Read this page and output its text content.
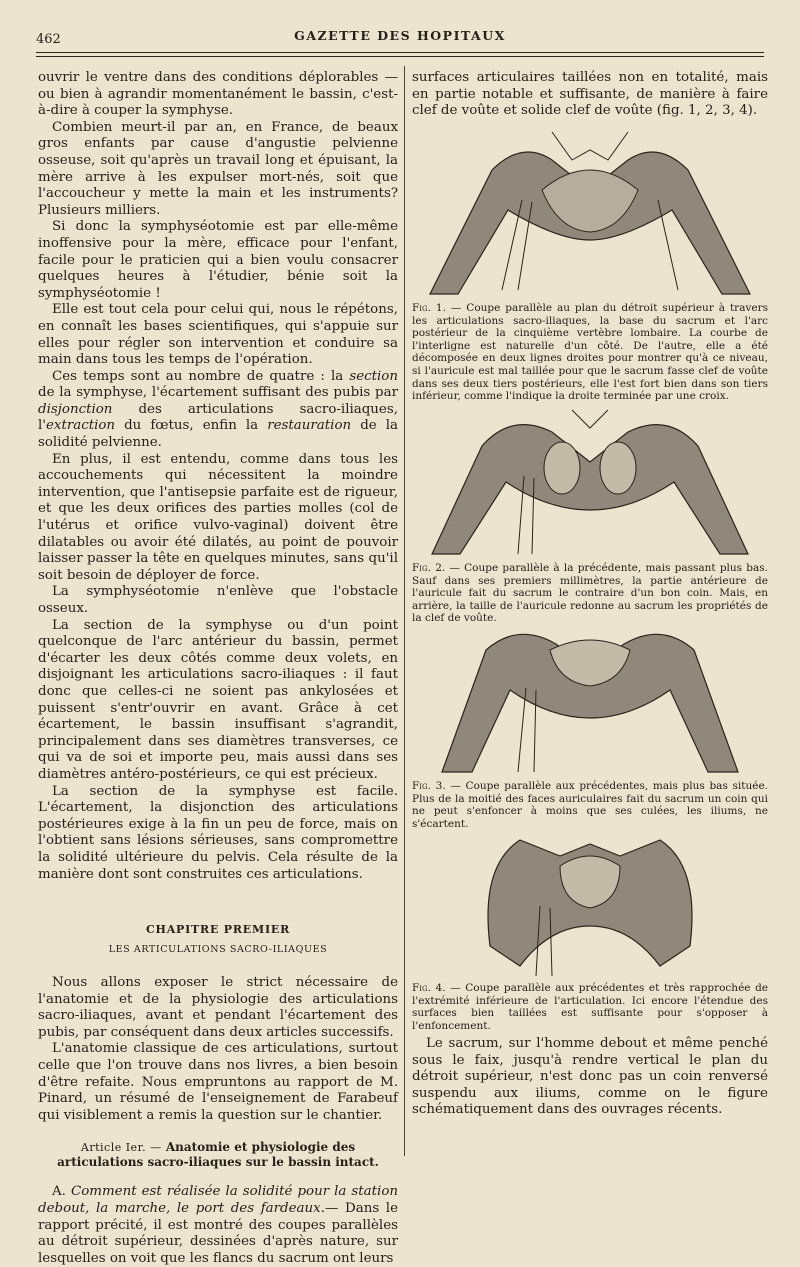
462	GAZETTE DES HOPITAUX

ouvrir le ventre dans des conditions déplorables — ou bien à agrandir momentanément le bassin, c'est-à-dire à couper la symphyse.

Combien meurt-il par an, en France, de beaux gros enfants par cause d'angustie pelvienne osseuse, soit qu'après un travail long et épuisant, la mère arrive à les expulser mort-nés, soit que l'accoucheur y mette la main et les instruments? Plusieurs milliers.

Si donc la symphyséotomie est par elle-même inoffensive pour la mère, efficace pour l'enfant, facile pour le praticien qui a bien voulu consacrer quelques heures à l'étudier, bénie soit la symphyséotomie !

Elle est tout cela pour celui qui, nous le répétons, en connaît les bases scientifiques, qui s'appuie sur elles pour régler son intervention et conduire sa main dans tous les temps de l'opération.

Ces temps sont au nombre de quatre : la section de la symphyse, l'écartement suffisant des pubis par disjonction des articulations sacro-iliaques, l'extraction du fœtus, enfin la restauration de la solidité pelvienne.

En plus, il est entendu, comme dans tous les accouchements qui nécessitent la moindre intervention, que l'antisepsie parfaite est de rigueur, et que les deux orifices des parties molles (col de l'utérus et orifice vulvo-vaginal) doivent être dilatables ou avoir été dilatés, au point de pouvoir laisser passer la tête en quelques minutes, sans qu'il soit besoin de déployer de force.

La symphyséotomie n'enlève que l'obstacle osseux.

La section de la symphyse ou d'un point quelconque de l'arc antérieur du bassin, permet d'écarter les deux côtés comme deux volets, en disjoignant les articulations sacro-iliaques : il faut donc que celles-ci ne soient pas ankylosées et puissent s'entr'ouvrir en avant. Grâce à cet écartement, le bassin insuffisant s'agrandit, principalement dans ses diamètres transverses, ce qui va de soi et importe peu, mais aussi dans ses diamètres antéro-postérieurs, ce qui est précieux.

La section de la symphyse est facile. L'écartement, la disjonction des articulations postérieures exige à la fin un peu de force, mais on l'obtient sans lésions sérieuses, sans compromettre la solidité ultérieure du pelvis. Cela résulte de la manière dont sont construites ces articulations.

CHAPITRE PREMIER
LES ARTICULATIONS SACRO-ILIAQUES

Nous allons exposer le strict nécessaire de l'anatomie et de la physiologie des articulations sacro-iliaques, avant et pendant l'écartement des pubis, par conséquent dans deux articles successifs.

L'anatomie classique de ces articulations, surtout celle que l'on trouve dans nos livres, a bien besoin d'être refaite. Nous empruntons au rapport de M. Pinard, un résumé de l'enseignement de Farabeuf qui visiblement a remis la question sur le chantier.

Article Ier. — Anatomie et physiologie des articulations sacro-iliaques sur le bassin intact.

A. Comment est réalisée la solidité pour la station debout, la marche, le port des fardeaux.— Dans le rapport précité, il est montré des coupes parallèles au détroit supérieur, dessinées d'après nature, sur lesquelles on voit que les flancs du sacrum ont leurs

surfaces articulaires taillées non en totalité, mais en partie notable et suffisante, de manière à faire clef de voûte et solide clef de voûte (fig. 1, 2, 3, 4).

Fig. 1. — Coupe parallèle au plan du détroit supérieur à travers les articulations sacro-iliaques, la base du sacrum et l'arc postérieur de la cinquième vertèbre lombaire. La courbe de l'interligne est naturelle d'un côté. De l'autre, elle a été décomposée en deux lignes droites pour montrer qu'à ce niveau, si l'auricule est mal taillée pour que le sacrum fasse clef de voûte dans ses deux tiers postérieurs, elle l'est fort bien dans son tiers inférieur, comme l'indique la droite terminée par une croix.

Fig. 2. — Coupe parallèle à la précédente, mais passant plus bas. Sauf dans ses premiers millimètres, la partie antérieure de l'auricule fait du sacrum le contraire d'un bon coin. Mais, en arrière, la taille de l'auricule redonne au sacrum les propriétés de la clef de voûte.

Fig. 3. — Coupe parallèle aux précédentes, mais plus bas située. Plus de la moitié des faces auriculaires fait du sacrum un coin qui ne peut s'enfoncer à moins que ses culées, les iliums, ne s'écartent.

Fig. 4. — Coupe parallèle aux précédentes et très rapprochée de l'extrémité inférieure de l'articulation. Ici encore l'étendue des surfaces bien taillées est suffisante pour s'opposer à l'enfoncement.

Le sacrum, sur l'homme debout et même penché sous le faix, jusqu'à rendre vertical le plan du détroit supérieur, n'est donc pas un coin renversé suspendu aux iliums, comme on le figure schématiquement dans des ouvrages récents.
